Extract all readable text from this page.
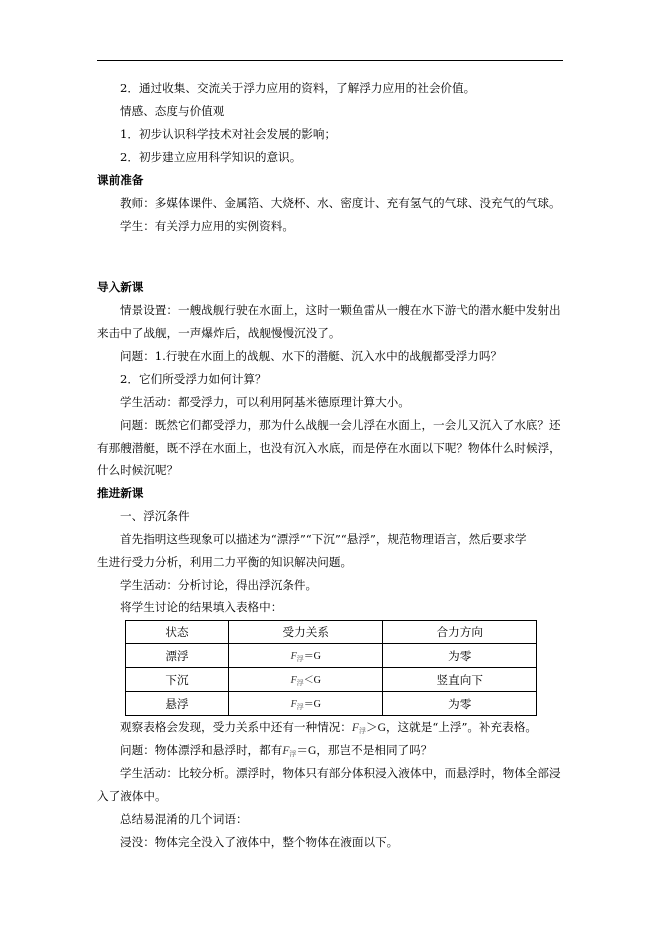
2．通过收集、交流关于浮力应用的资料，了解浮力应用的社会价值。
情感、态度与价值观
1．初步认识科学技术对社会发展的影响；
2．初步建立应用科学知识的意识。
课前准备
教师：多媒体课件、金属箔、大烧杯、水、密度计、充有氢气的气球、没充气的气球。
学生：有关浮力应用的实例资料。
导入新课
情景设置：一艘战舰行驶在水面上，这时一颗鱼雷从一艘在水下游弋的潜水艇中发射出
来击中了战舰，一声爆炸后，战舰慢慢沉没了。
问题：1.行驶在水面上的战舰、水下的潜艇、沉入水中的战舰都受浮力吗？
2．它们所受浮力如何计算？
学生活动：都受浮力，可以利用阿基米德原理计算大小。
问题：既然它们都受浮力，那为什么战舰一会儿浮在水面上，一会儿又沉入了水底？还
有那艘潜艇，既不浮在水面上，也没有沉入水底，而是停在水面以下呢？物体什么时候浮，
什么时候沉呢？
推进新课
一、浮沉条件
首先指明这些现象可以描述为“漂浮”“下沉”“悬浮”，规范物理语言，然后要求学
生进行受力分析，利用二力平衡的知识解决问题。
学生活动：分析讨论，得出浮沉条件。
将学生讨论的结果填入表格中：
状态	受力关系	合力方向
漂浮	$F_浮=G$	为零
下沉	$F_浮<G$	竖直向下
悬浮	$F_浮=G$	为零
观察表格会发现，受力关系中还有一种情况：$F_浮>G$，这就是“上浮”。补充表格。
问题：物体漂浮和悬浮时，都有$F_浮=G$，那岂不是相同了吗？
学生活动：比较分析。漂浮时，物体只有部分体积浸入液体中，而悬浮时，物体全部浸
入了液体中。
总结易混淆的几个词语：
浸没：物体完全没入了液体中，整个物体在液面以下。
